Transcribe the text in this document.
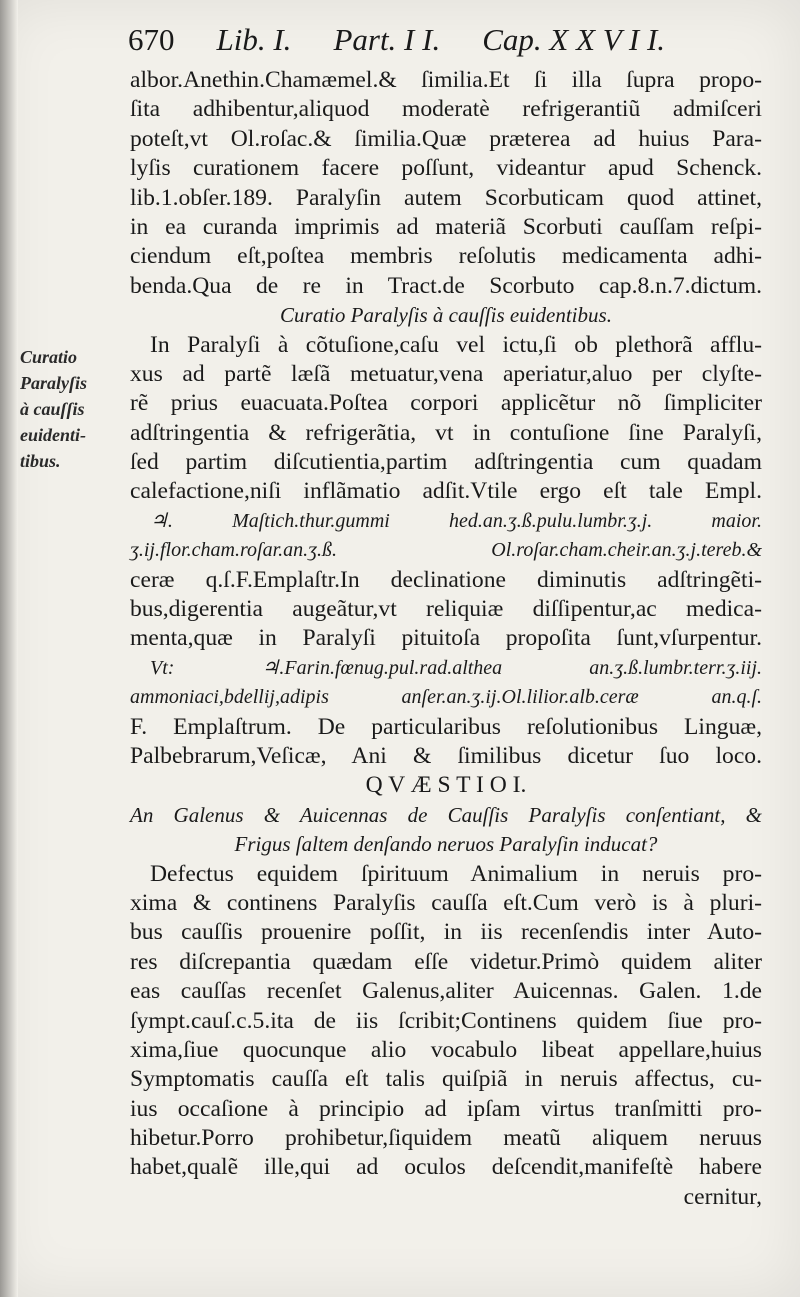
670 Lib. I. Part. I I. Cap. X X V I I.
Curatio
Paralyſis
à cauſſis
euidenti-
tibus.
albor.Anethin.Chamæmel.& ſimilia.Et ſi illa ſupra propo-
ſita adhibentur,aliquod moderatè refrigerantiũ admiſceri
poteſt,vt Ol.roſac.& ſimilia.Quæ præterea ad huius Para-
lyſis curationem facere poſſunt, videantur apud Schenck.
lib.1.obſer.189. Paralyſin autem Scorbuticam quod attinet,
in ea curanda imprimis ad materiã Scorbuti cauſſam reſpi-
ciendum eſt,poſtea membris reſolutis medicamenta adhi-
benda.Qua de re in Tract.de Scorbuto cap.8.n.7.dictum.
Curatio Paralyſis à cauſſis euidentibus.
In Paralyſi à cõtuſione,caſu vel ictu,ſi ob plethorã afflu-
xus ad partẽ læſã metuatur,vena aperiatur,aluo per clyſte-
rẽ prius euacuata.Poſtea corpori applicẽtur nõ ſimpliciter
adſtringentia & refrigerãtia, vt in contuſione ſine Paralyſi,
ſed partim diſcutientia,partim adſtringentia cum quadam
calefactione,niſi inflãmatio adſit.Vtile ergo eſt tale Empl.
♃. Maſtich.thur.gummi hed.an.ʒ.ß.pulu.lumbr.ʒ.j. maior.
ʒ.ij.flor.cham.roſar.an.ʒ.ß. Ol.roſar.cham.cheir.an.ʒ.j.tereb.&
ceræ q.ſ.F.Emplaſtr.In declinatione diminutis adſtringẽti-
bus,digerentia augeãtur,vt reliquiæ diſſipentur,ac medica-
menta,quæ in Paralyſi pituitoſa propoſita ſunt,vſurpentur.
Vt: ♃.Farin.fœnug.pul.rad.althea an.ʒ.ß.lumbr.terr.ʒ.iij.
ammoniaci,bdellij,adipis anſer.an.ʒ.ij.Ol.lilior.alb.ceræ an.q.ſ.
F. Emplaſtrum. De particularibus reſolutionibus Linguæ,
Palbebrarum,Veſicæ, Ani & ſimilibus dicetur ſuo loco.
Q V Æ S T I O I.
An Galenus & Auicennas de Cauſſis Paralyſis conſentiant, &
Frigus ſaltem denſando neruos Paralyſin inducat?
Defectus equidem ſpirituum Animalium in neruis pro-
xima & continens Paralyſis cauſſa eſt.Cum verò is à pluri-
bus cauſſis prouenire poſſit, in iis recenſendis inter Auto-
res diſcrepantia quædam eſſe videtur.Primò quidem aliter
eas cauſſas recenſet Galenus,aliter Auicennas. Galen. 1.de
ſympt.cauſ.c.5.ita de iis ſcribit;Continens quidem ſiue pro-
xima,ſiue quocunque alio vocabulo libeat appellare,huius
Symptomatis cauſſa eſt talis quiſpiã in neruis affectus, cu-
ius occaſione à principio ad ipſam virtus tranſmitti pro-
hibetur.Porro prohibetur,ſiquidem meatũ aliquem neruus
habet,qualẽ ille,qui ad oculos deſcendit,manifeſtè habere
cernitur,
